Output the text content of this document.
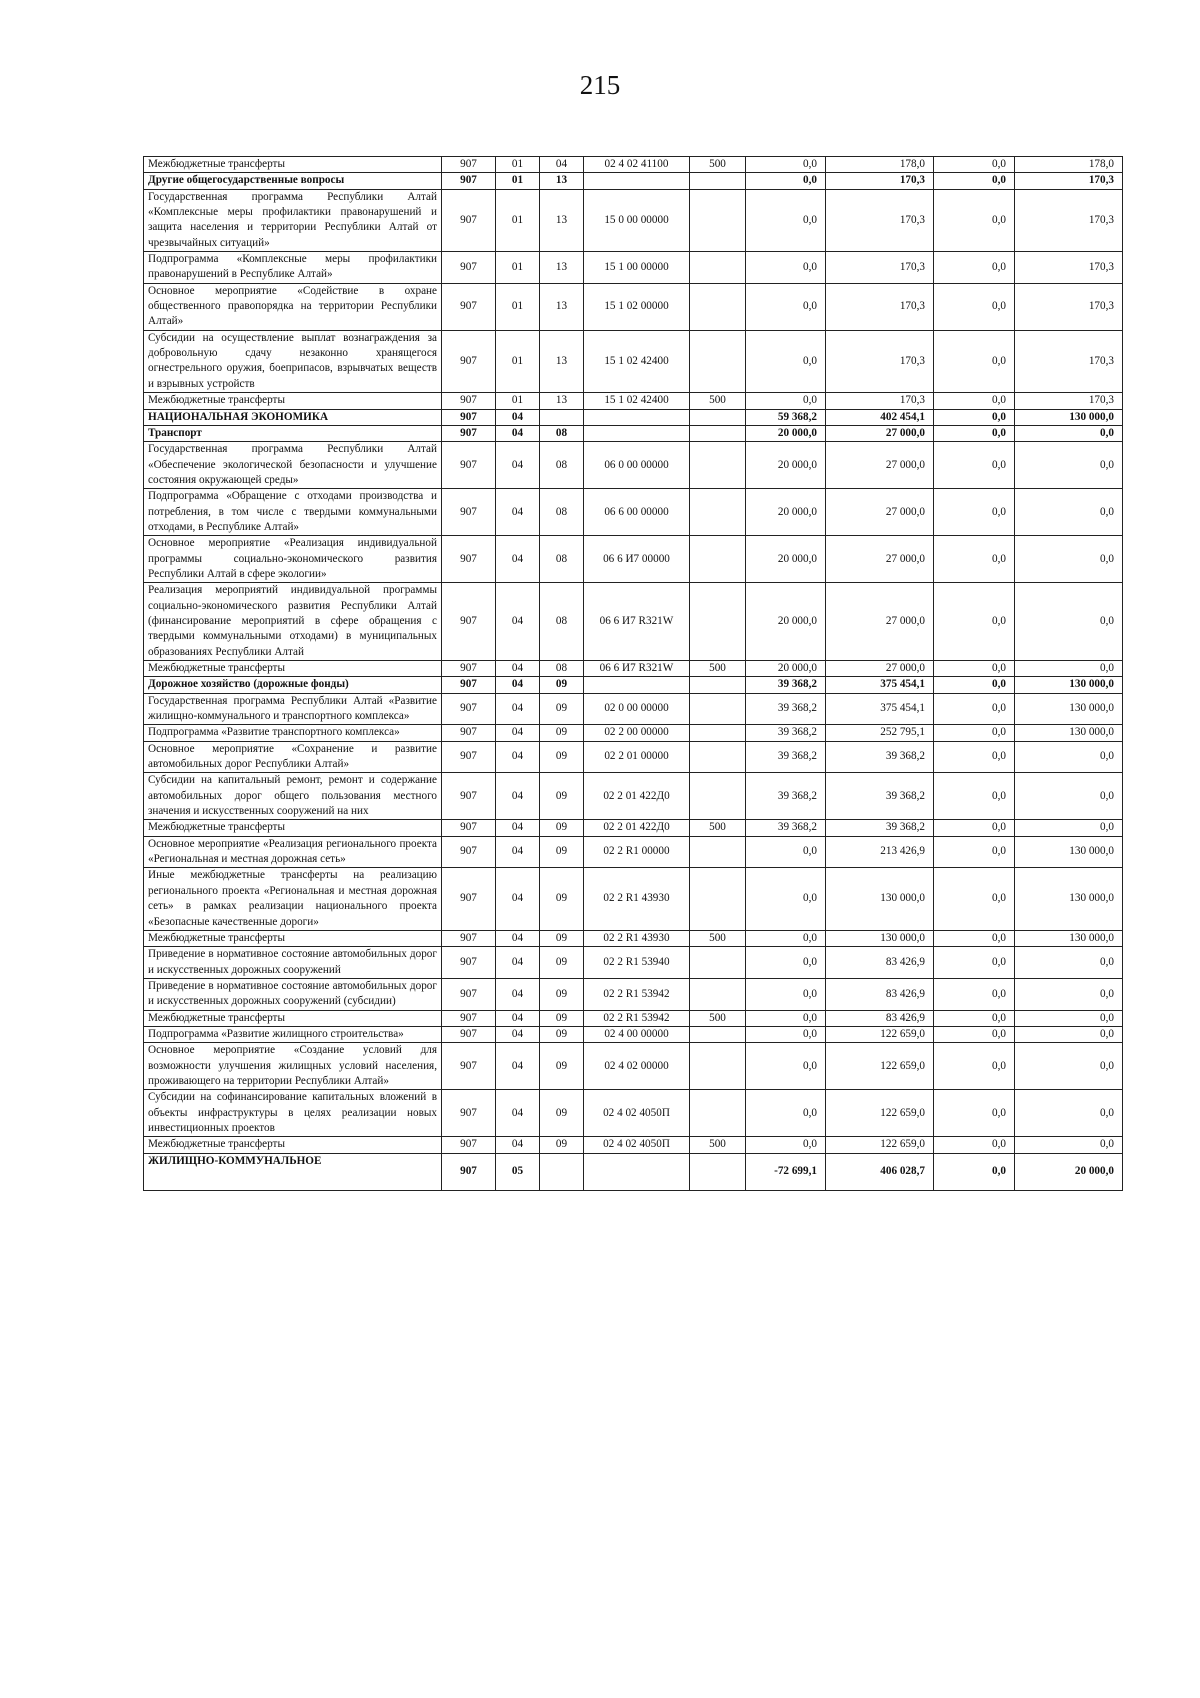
215
Межбюджетные трансферты	907	01	04	02 4 02 41100	500	0,0	178,0	0,0	178,0
Другие общегосударственные вопросы	907	01	13			0,0	170,3	0,0	170,3
Государственная программа Республики Алтай «Комплексные меры профилактики правонарушений и защита населения и территории Республики Алтай от чрезвычайных ситуаций»	907	01	13	15 0 00 00000		0,0	170,3	0,0	170,3
Подпрограмма «Комплексные меры профилактики правонарушений в Республике Алтай»	907	01	13	15 1 00 00000		0,0	170,3	0,0	170,3
Основное мероприятие «Содействие в охране общественного правопорядка на территории Республики Алтай»	907	01	13	15 1 02 00000		0,0	170,3	0,0	170,3
Субсидии на осуществление выплат вознаграждения за добровольную сдачу незаконно хранящегося огнестрельного оружия, боеприпасов, взрывчатых веществ и взрывных устройств	907	01	13	15 1 02 42400		0,0	170,3	0,0	170,3
Межбюджетные трансферты	907	01	13	15 1 02 42400	500	0,0	170,3	0,0	170,3
НАЦИОНАЛЬНАЯ ЭКОНОМИКА	907	04				59 368,2	402 454,1	0,0	130 000,0
Транспорт	907	04	08			20 000,0	27 000,0	0,0	0,0
Государственная программа Республики Алтай «Обеспечение экологической безопасности и улучшение состояния окружающей среды»	907	04	08	06 0 00 00000		20 000,0	27 000,0	0,0	0,0
Подпрограмма «Обращение с отходами производства и потребления, в том числе с твердыми коммунальными отходами, в Республике Алтай»	907	04	08	06 6 00 00000		20 000,0	27 000,0	0,0	0,0
Основное мероприятие «Реализация индивидуальной программы социально-экономического развития Республики Алтай в сфере экологии»	907	04	08	06 6 И7 00000		20 000,0	27 000,0	0,0	0,0
Реализация мероприятий индивидуальной программы социально-экономического развития Республики Алтай (финансирование мероприятий в сфере обращения с твердыми коммунальными отходами) в муниципальных образованиях Республики Алтай	907	04	08	06 6 И7 R321W		20 000,0	27 000,0	0,0	0,0
Межбюджетные трансферты	907	04	08	06 6 И7 R321W	500	20 000,0	27 000,0	0,0	0,0
Дорожное хозяйство (дорожные фонды)	907	04	09			39 368,2	375 454,1	0,0	130 000,0
Государственная программа Республики Алтай «Развитие жилищно-коммунального и транспортного комплекса»	907	04	09	02 0 00 00000		39 368,2	375 454,1	0,0	130 000,0
Подпрограмма «Развитие транспортного комплекса»	907	04	09	02 2 00 00000		39 368,2	252 795,1	0,0	130 000,0
Основное мероприятие «Сохранение и развитие автомобильных дорог Республики Алтай»	907	04	09	02 2 01 00000		39 368,2	39 368,2	0,0	0,0
Субсидии на капитальный ремонт, ремонт и содержание автомобильных дорог общего пользования местного значения и искусственных сооружений на них	907	04	09	02 2 01 422Д0		39 368,2	39 368,2	0,0	0,0
Межбюджетные трансферты	907	04	09	02 2 01 422Д0	500	39 368,2	39 368,2	0,0	0,0
Основное мероприятие «Реализация регионального проекта «Региональная и местная дорожная сеть»	907	04	09	02 2 R1 00000		0,0	213 426,9	0,0	130 000,0
Иные межбюджетные трансферты на реализацию регионального проекта «Региональная и местная дорожная сеть» в рамках реализации национального проекта «Безопасные качественные дороги»	907	04	09	02 2 R1 43930		0,0	130 000,0	0,0	130 000,0
Межбюджетные трансферты	907	04	09	02 2 R1 43930	500	0,0	130 000,0	0,0	130 000,0
Приведение в нормативное состояние автомобильных дорог и искусственных дорожных сооружений	907	04	09	02 2 R1 53940		0,0	83 426,9	0,0	0,0
Приведение в нормативное состояние автомобильных дорог и искусственных дорожных сооружений (субсидии)	907	04	09	02 2 R1 53942		0,0	83 426,9	0,0	0,0
Межбюджетные трансферты	907	04	09	02 2 R1 53942	500	0,0	83 426,9	0,0	0,0
Подпрограмма «Развитие жилищного строительства»	907	04	09	02 4 00 00000		0,0	122 659,0	0,0	0,0
Основное мероприятие «Создание условий для возможности улучшения жилищных условий населения, проживающего на территории Республики Алтай»	907	04	09	02 4 02 00000		0,0	122 659,0	0,0	0,0
Субсидии на софинансирование капитальных вложений в объекты инфраструктуры в целях реализации новых инвестиционных проектов	907	04	09	02 4 02 4050П		0,0	122 659,0	0,0	0,0
Межбюджетные трансферты	907	04	09	02 4 02 4050П	500	0,0	122 659,0	0,0	0,0
ЖИЛИЩНО-КОММУНАЛЬНОЕ	907	05				-72 699,1	406 028,7	0,0	20 000,0
